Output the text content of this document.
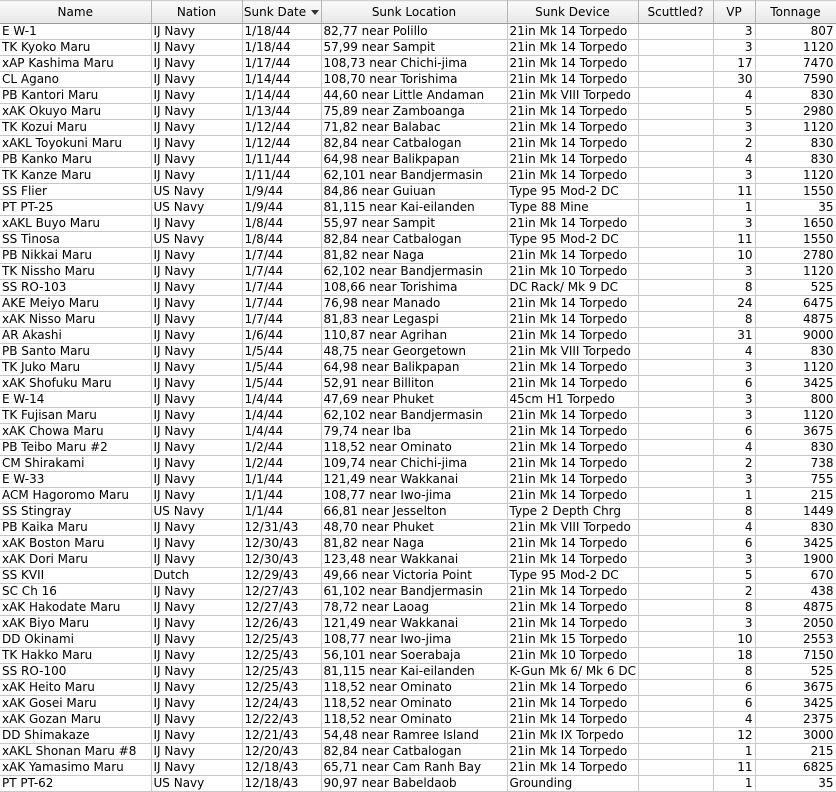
Name	Nation	Sunk Date	Sunk Location	Sunk Device	Scuttled?	VP	Tonnage
E W-1	IJ Navy	1/18/44	82,77 near Polillo	21in Mk 14 Torpedo		3	807
TK Kyoko Maru	IJ Navy	1/18/44	57,99 near Sampit	21in Mk 14 Torpedo		3	1120
xAP Kashima Maru	IJ Navy	1/17/44	108,73 near Chichi-jima	21in Mk 14 Torpedo		17	7470
CL Agano	IJ Navy	1/14/44	108,70 near Torishima	21in Mk 14 Torpedo		30	7590
PB Kantori Maru	IJ Navy	1/14/44	44,60 near Little Andaman	21in Mk VIII Torpedo		4	830
xAK Okuyo Maru	IJ Navy	1/13/44	75,89 near Zamboanga	21in Mk 14 Torpedo		5	2980
TK Kozui Maru	IJ Navy	1/12/44	71,82 near Balabac	21in Mk 14 Torpedo		3	1120
xAKL Toyokuni Maru	IJ Navy	1/12/44	82,84 near Catbalogan	21in Mk 14 Torpedo		2	830
PB Kanko Maru	IJ Navy	1/11/44	64,98 near Balikpapan	21in Mk 14 Torpedo		4	830
TK Kanze Maru	IJ Navy	1/11/44	62,101 near Bandjermasin	21in Mk 14 Torpedo		3	1120
SS Flier	US Navy	1/9/44	84,86 near Guiuan	Type 95 Mod-2 DC		11	1550
PT PT-25	US Navy	1/9/44	81,115 near Kai-eilanden	Type 88 Mine		1	35
xAKL Buyo Maru	IJ Navy	1/8/44	55,97 near Sampit	21in Mk 14 Torpedo		3	1650
SS Tinosa	US Navy	1/8/44	82,84 near Catbalogan	Type 95 Mod-2 DC		11	1550
PB Nikkai Maru	IJ Navy	1/7/44	81,82 near Naga	21in Mk 14 Torpedo		10	2780
TK Nissho Maru	IJ Navy	1/7/44	62,102 near Bandjermasin	21in Mk 10 Torpedo		3	1120
SS RO-103	IJ Navy	1/7/44	108,66 near Torishima	DC Rack/ Mk 9 DC		8	525
AKE Meiyo Maru	IJ Navy	1/7/44	76,98 near Manado	21in Mk 14 Torpedo		24	6475
xAK Nisso Maru	IJ Navy	1/7/44	81,83 near Legaspi	21in Mk 14 Torpedo		8	4875
AR Akashi	IJ Navy	1/6/44	110,87 near Agrihan	21in Mk 14 Torpedo		31	9000
PB Santo Maru	IJ Navy	1/5/44	48,75 near Georgetown	21in Mk VIII Torpedo		4	830
TK Juko Maru	IJ Navy	1/5/44	64,98 near Balikpapan	21in Mk 14 Torpedo		3	1120
xAK Shofuku Maru	IJ Navy	1/5/44	52,91 near Billiton	21in Mk 14 Torpedo		6	3425
E W-14	IJ Navy	1/4/44	47,69 near Phuket	45cm H1 Torpedo		3	800
TK Fujisan Maru	IJ Navy	1/4/44	62,102 near Bandjermasin	21in Mk 14 Torpedo		3	1120
xAK Chowa Maru	IJ Navy	1/4/44	79,74 near Iba	21in Mk 14 Torpedo		6	3675
PB Teibo Maru #2	IJ Navy	1/2/44	118,52 near Ominato	21in Mk 14 Torpedo		4	830
CM Shirakami	IJ Navy	1/2/44	109,74 near Chichi-jima	21in Mk 14 Torpedo		2	738
E W-33	IJ Navy	1/1/44	121,49 near Wakkanai	21in Mk 14 Torpedo		3	755
ACM Hagoromo Maru	IJ Navy	1/1/44	108,77 near Iwo-jima	21in Mk 14 Torpedo		1	215
SS Stingray	US Navy	1/1/44	66,81 near Jesselton	Type 2 Depth Chrg		8	1449
PB Kaika Maru	IJ Navy	12/31/43	48,70 near Phuket	21in Mk VIII Torpedo		4	830
xAK Boston Maru	IJ Navy	12/30/43	81,82 near Naga	21in Mk 14 Torpedo		6	3425
xAK Dori Maru	IJ Navy	12/30/43	123,48 near Wakkanai	21in Mk 14 Torpedo		3	1900
SS KVII	Dutch	12/29/43	49,66 near Victoria Point	Type 95 Mod-2 DC		5	670
SC Ch 16	IJ Navy	12/27/43	61,102 near Bandjermasin	21in Mk 14 Torpedo		2	438
xAK Hakodate Maru	IJ Navy	12/27/43	78,72 near Laoag	21in Mk 14 Torpedo		8	4875
xAK Biyo Maru	IJ Navy	12/26/43	121,49 near Wakkanai	21in Mk 14 Torpedo		3	2050
DD Okinami	IJ Navy	12/25/43	108,77 near Iwo-jima	21in Mk 15 Torpedo		10	2553
TK Hakko Maru	IJ Navy	12/25/43	56,101 near Soerabaja	21in Mk 10 Torpedo		18	7150
SS RO-100	IJ Navy	12/25/43	81,115 near Kai-eilanden	K-Gun Mk 6/ Mk 6 DC		8	525
xAK Heito Maru	IJ Navy	12/25/43	118,52 near Ominato	21in Mk 14 Torpedo		6	3675
xAK Gosei Maru	IJ Navy	12/24/43	118,52 near Ominato	21in Mk 14 Torpedo		6	3425
xAK Gozan Maru	IJ Navy	12/22/43	118,52 near Ominato	21in Mk 14 Torpedo		4	2375
DD Shimakaze	IJ Navy	12/21/43	54,48 near Ramree Island	21in Mk IX Torpedo		12	3000
xAKL Shonan Maru #8	IJ Navy	12/20/43	82,84 near Catbalogan	21in Mk 14 Torpedo		1	215
xAK Yamasimo Maru	IJ Navy	12/18/43	65,71 near Cam Ranh Bay	21in Mk 14 Torpedo		11	6825
PT PT-62	US Navy	12/18/43	90,97 near Babeldaob	Grounding		1	35
